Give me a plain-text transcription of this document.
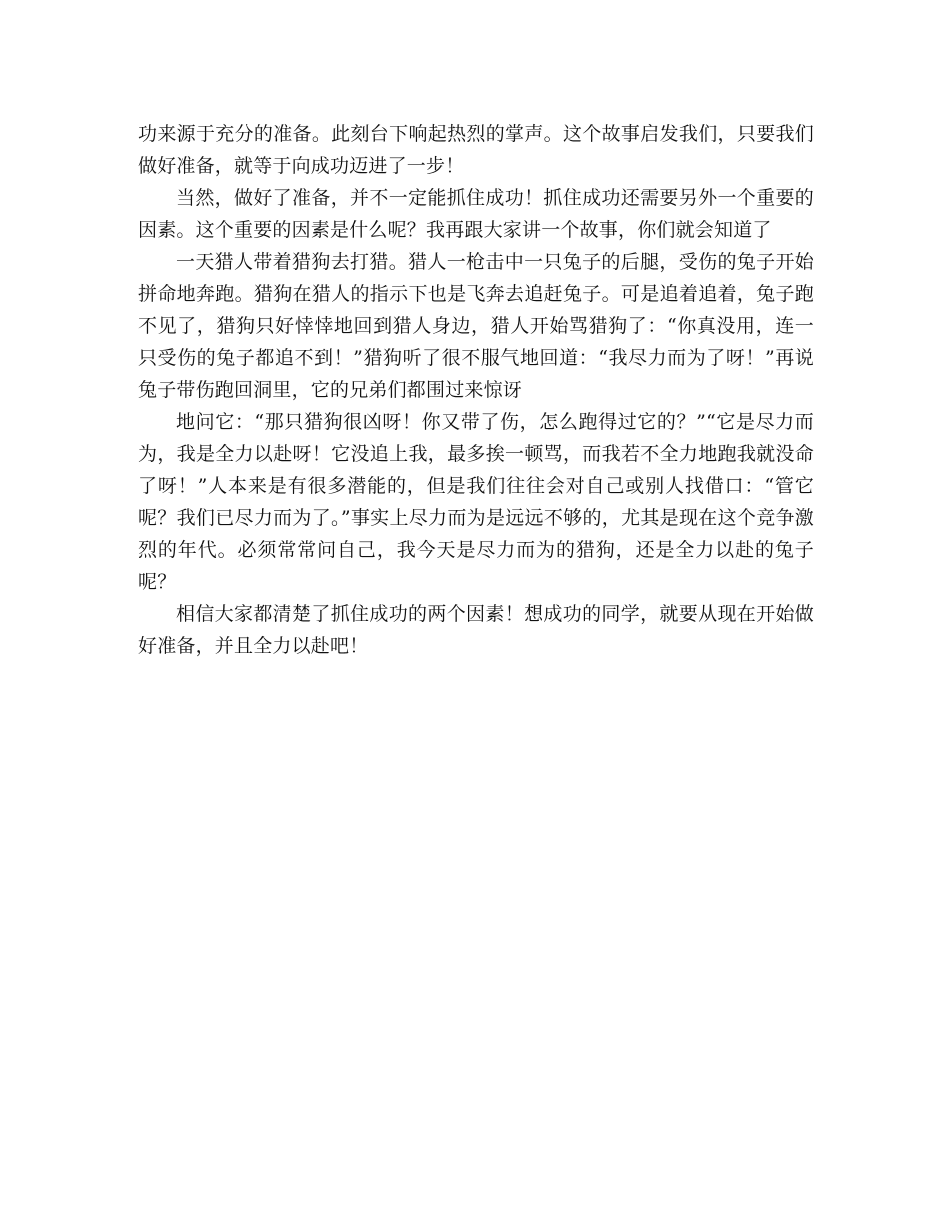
功来源于充分的准备。此刻台下响起热烈的掌声。这个故事启发我们，只要我们做好准备，就等于向成功迈进了一步！

当然，做好了准备，并不一定能抓住成功！抓住成功还需要另外一个重要的因素。这个重要的因素是什么呢？我再跟大家讲一个故事，你们就会知道了

一天猎人带着猎狗去打猎。猎人一枪击中一只兔子的后腿，受伤的兔子开始拼命地奔跑。猎狗在猎人的指示下也是飞奔去追赶兔子。可是追着追着，兔子跑不见了，猎狗只好悻悻地回到猎人身边，猎人开始骂猎狗了：“你真没用，连一只受伤的兔子都追不到！”猎狗听了很不服气地回道：“我尽力而为了呀！”再说兔子带伤跑回洞里，它的兄弟们都围过来惊讶

地问它：“那只猎狗很凶呀！你又带了伤，怎么跑得过它的？”“它是尽力而为，我是全力以赴呀！它没追上我，最多挨一顿骂，而我若不全力地跑我就没命了呀！”人本来是有很多潜能的，但是我们往往会对自己或别人找借口：“管它呢？我们已尽力而为了。”事实上尽力而为是远远不够的，尤其是现在这个竞争激烈的年代。必须常常问自己，我今天是尽力而为的猎狗，还是全力以赴的兔子呢？

相信大家都清楚了抓住成功的两个因素！想成功的同学，就要从现在开始做好准备，并且全力以赴吧！
